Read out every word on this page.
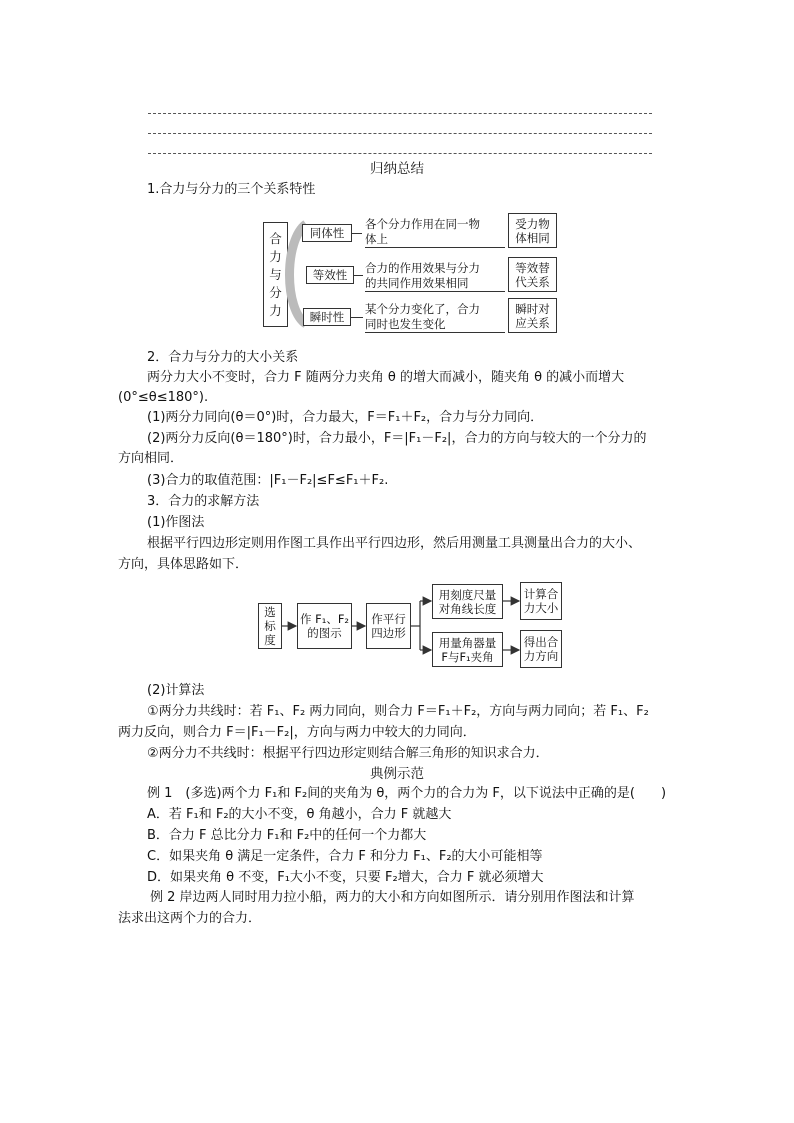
归纳总结
1.合力与分力的三个关系特性
合
力
与
分
力
同体性
各个分力作用在同一物
体上
受力物
体相同
等效性	合力的作用效果与分力
的共同作用效果相同
等效替
代关系
瞬时性
某个分力变化了，合力
同时也发生变化
瞬时对
应关系
2．合力与分力的大小关系
两分力大小不变时，合力 F 随两分力夹角 θ 的增大而减小，随夹角 θ 的减小而增大
(0°≤θ≤180°).
(1)两分力同向(θ＝0°)时，合力最大，F＝F₁＋F₂，合力与分力同向．
(2)两分力反向(θ＝180°)时，合力最小，F＝|F₁－F₂|，合力的方向与较大的一个分力的
方向相同．
(3)合力的取值范围：|F₁－F₂|≤F≤F₁＋F₂.
3．合力的求解方法
(1)作图法
根据平行四边形定则用作图工具作出平行四边形，然后用测量工具测量出合力的大小、
方向，具体思路如下．
选
标
度
作 F₁、F₂
的图示
作平行
四边形
用刻度尺量
对角线长度
用量角器量
F与F₁夹角
计算合
力大小
得出合
力方向
(2)计算法
①两分力共线时：若 F₁、F₂ 两力同向，则合力 F＝F₁＋F₂，方向与两力同向；若 F₁、F₂
两力反向，则合力 F＝|F₁－F₂|，方向与两力中较大的力同向．
②两分力不共线时：根据平行四边形定则结合解三角形的知识求合力．
典例示范
例 1　(多选)两个力 F₁和 F₂间的夹角为 θ，两个力的合力为 F，以下说法中正确的是(　　)
A．若 F₁和 F₂的大小不变，θ 角越小，合力 F 就越大
B．合力 F 总比分力 F₁和 F₂中的任何一个力都大
C．如果夹角 θ 满足一定条件，合力 F 和分力 F₁、F₂的大小可能相等
D．如果夹角 θ 不变，F₁大小不变，只要 F₂增大，合力 F 就必须增大
例 2 岸边两人同时用力拉小船，两力的大小和方向如图所示．请分别用作图法和计算
法求出这两个力的合力．
